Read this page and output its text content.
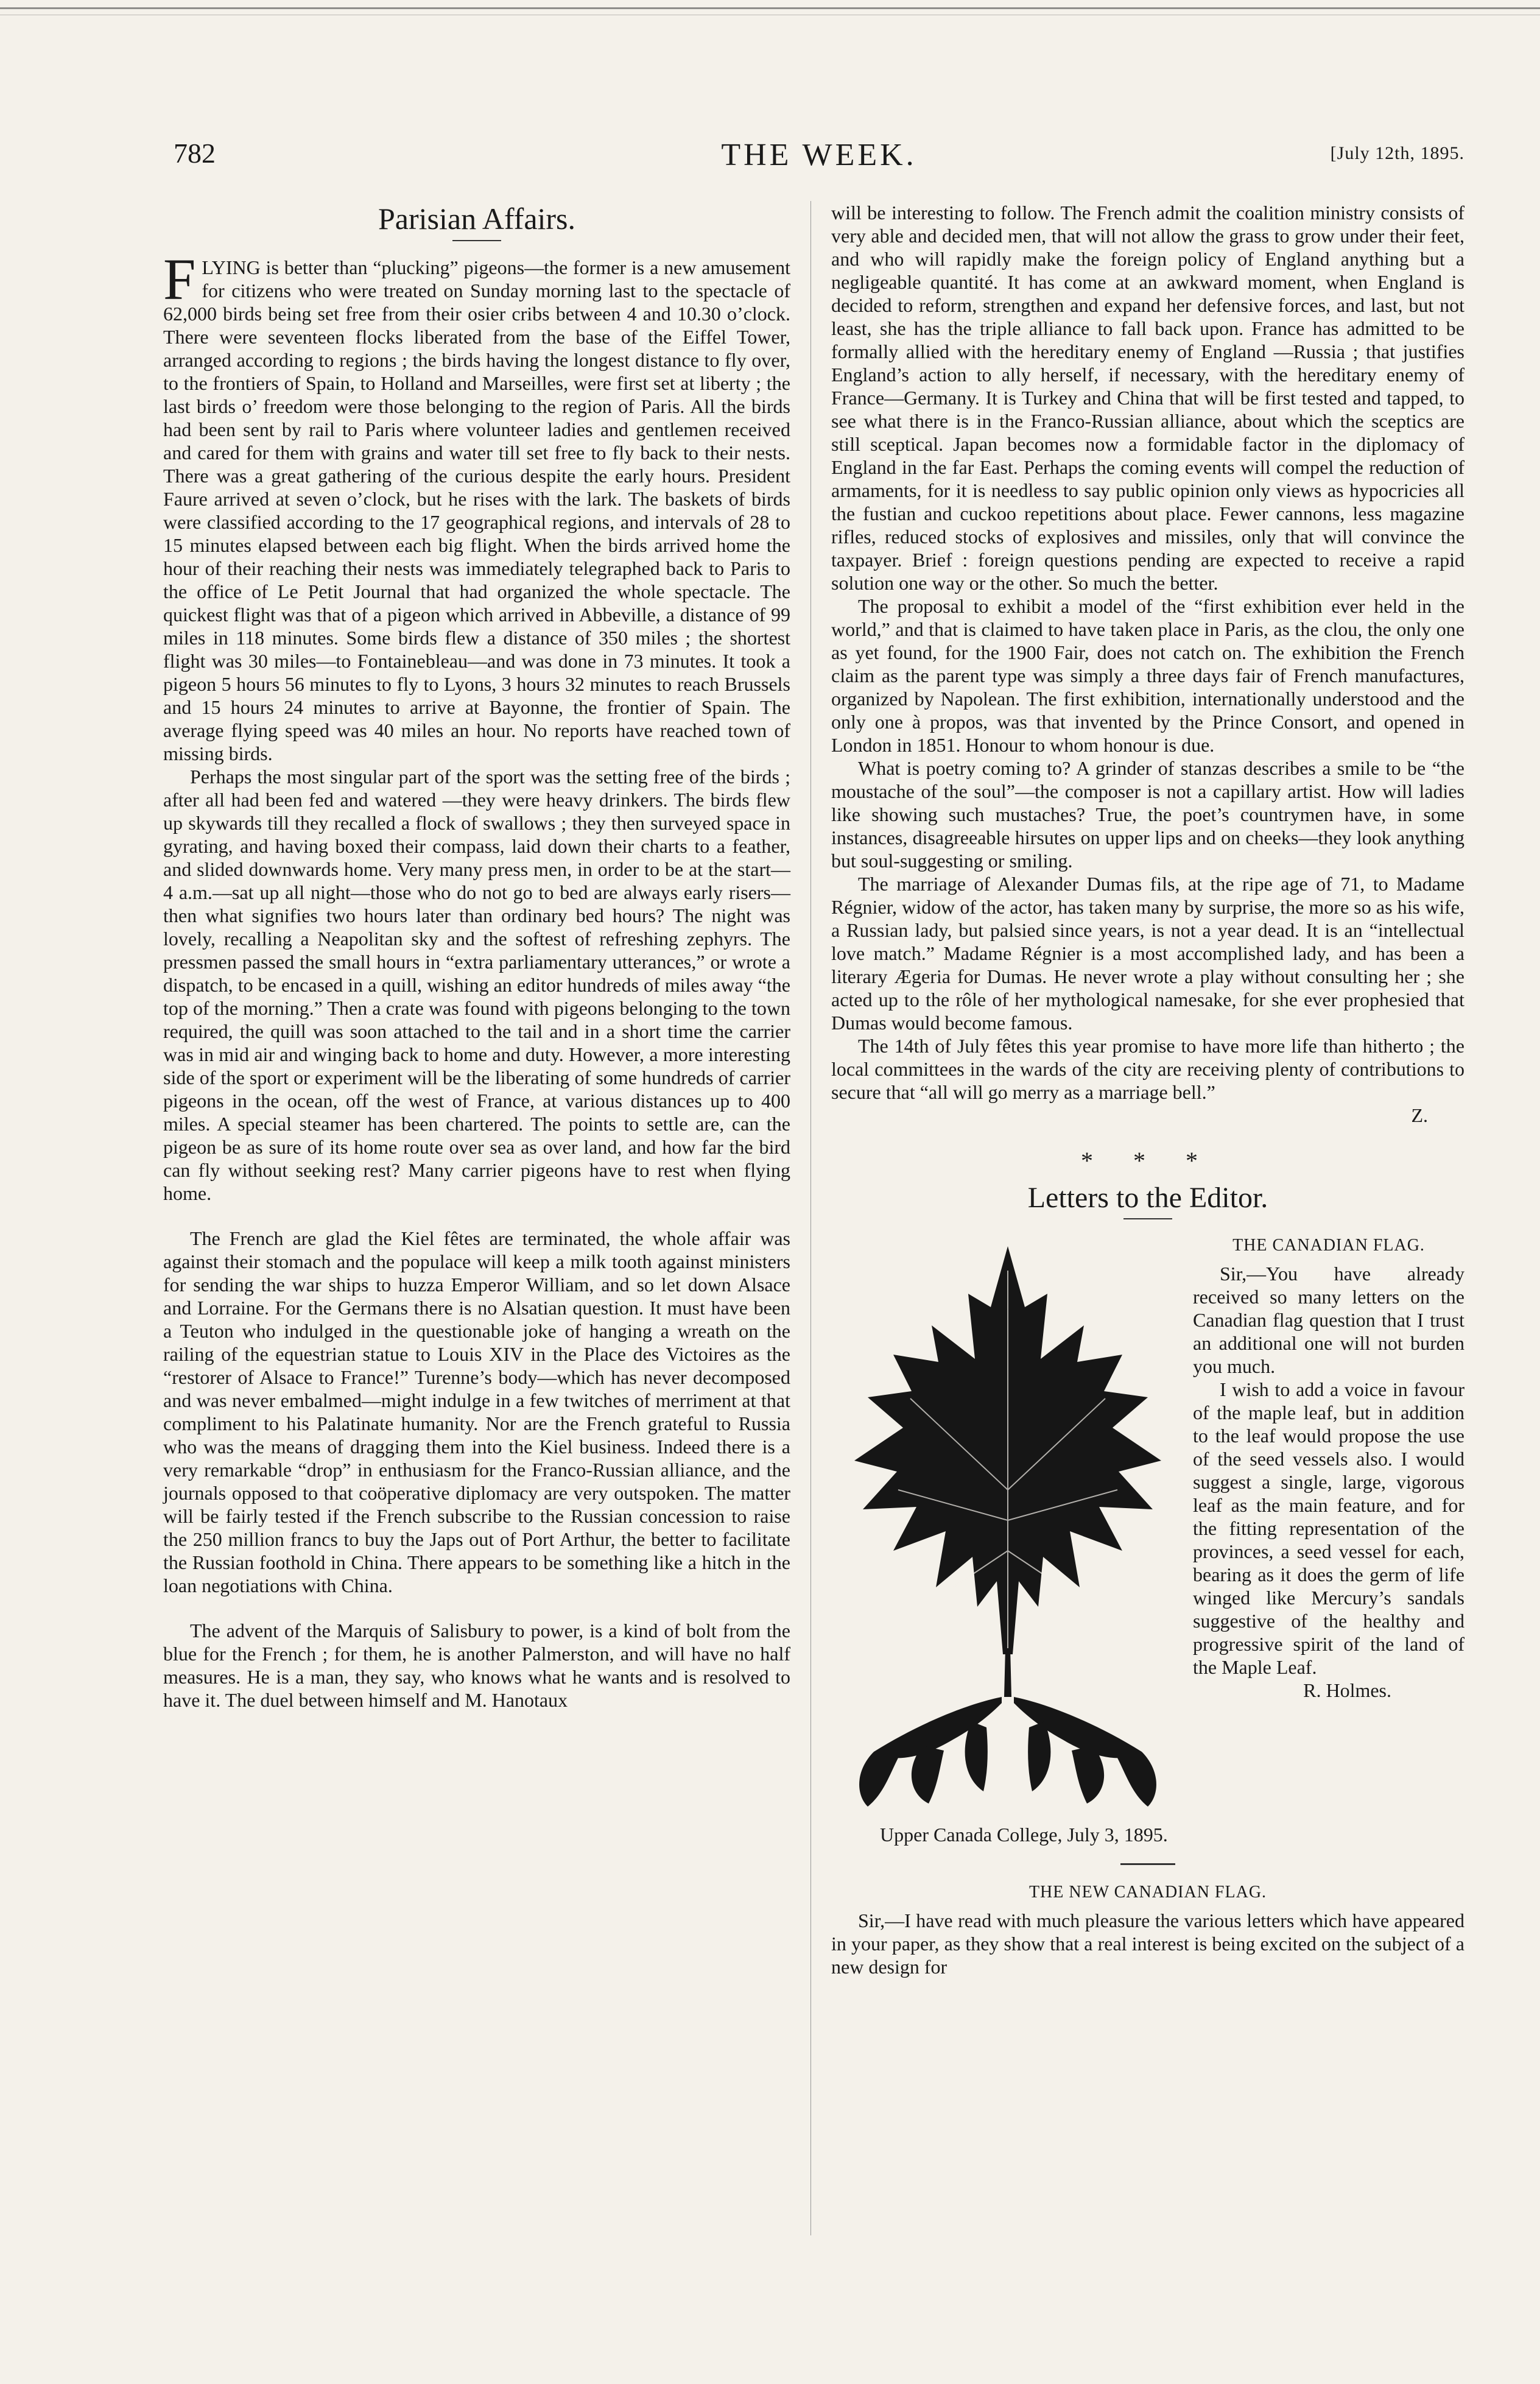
782	THE WEEK.	[July 12th, 1895.
Parisian Affairs.

FLYING is better than “plucking” pigeons—the former is a new amusement for citizens who were treated on Sunday morning last to the spectacle of 62,000 birds being set free from their osier cribs between 4 and 10.30 o’clock. There were seventeen flocks liberated from the base of the Eiffel Tower, arranged according to regions ; the birds having the longest distance to fly over, to the frontiers of Spain, to Holland and Marseilles, were first set at liberty ; the last birds o’ freedom were those belonging to the region of Paris. All the birds had been sent by rail to Paris where volunteer ladies and gentlemen received and cared for them with grains and water till set free to fly back to their nests. There was a great gathering of the curious despite the early hours. President Faure arrived at seven o’clock, but he rises with the lark. The baskets of birds were classified according to the 17 geographical regions, and intervals of 28 to 15 minutes elapsed between each big flight. When the birds arrived home the hour of their reaching their nests was immediately telegraphed back to Paris to the office of Le Petit Journal that had organized the whole spectacle. The quickest flight was that of a pigeon which arrived in Abbeville, a distance of 99 miles in 118 minutes. Some birds flew a distance of 350 miles ; the shortest flight was 30 miles—to Fontainebleau—and was done in 73 minutes. It took a pigeon 5 hours 56 minutes to fly to Lyons, 3 hours 32 minutes to reach Brussels and 15 hours 24 minutes to arrive at Bayonne, the frontier of Spain. The average flying speed was 40 miles an hour. No reports have reached town of missing birds.

Perhaps the most singular part of the sport was the setting free of the birds ; after all had been fed and watered —they were heavy drinkers. The birds flew up skywards till they recalled a flock of swallows ; they then surveyed space in gyrating, and having boxed their compass, laid down their charts to a feather, and slided downwards home. Very many press men, in order to be at the start—4 a.m.—sat up all night—those who do not go to bed are always early risers—then what signifies two hours later than ordinary bed hours? The night was lovely, recalling a Neapolitan sky and the softest of refreshing zephyrs. The pressmen passed the small hours in “extra parliamentary utterances,” or wrote a dispatch, to be encased in a quill, wishing an editor hundreds of miles away “the top of the morning.” Then a crate was found with pigeons belonging to the town required, the quill was soon attached to the tail and in a short time the carrier was in mid air and winging back to home and duty. However, a more interesting side of the sport or experiment will be the liberating of some hundreds of carrier pigeons in the ocean, off the west of France, at various distances up to 400 miles. A special steamer has been chartered. The points to settle are, can the pigeon be as sure of its home route over sea as over land, and how far the bird can fly without seeking rest? Many carrier pigeons have to rest when flying home.

The French are glad the Kiel fêtes are terminated, the whole affair was against their stomach and the populace will keep a milk tooth against ministers for sending the war ships to huzza Emperor William, and so let down Alsace and Lorraine. For the Germans there is no Alsatian question. It must have been a Teuton who indulged in the questionable joke of hanging a wreath on the railing of the equestrian statue to Louis XIV in the Place des Victoires as the “restorer of Alsace to France!” Turenne’s body—which has never decomposed and was never embalmed—might indulge in a few twitches of merriment at that compliment to his Palatinate humanity. Nor are the French grateful to Russia who was the means of dragging them into the Kiel business. Indeed there is a very remarkable “drop” in enthusiasm for the Franco-Russian alliance, and the journals opposed to that coöperative diplomacy are very outspoken. The matter will be fairly tested if the French subscribe to the Russian concession to raise the 250 million francs to buy the Japs out of Port Arthur, the better to facilitate the Russian foothold in China. There appears to be something like a hitch in the loan negotiations with China.

The advent of the Marquis of Salisbury to power, is a kind of bolt from the blue for the French ; for them, he is another Palmerston, and will have no half measures. He is a man, they say, who knows what he wants and is resolved to have it. The duel between himself and M. Hanotaux

will be interesting to follow. The French admit the coalition ministry consists of very able and decided men, that will not allow the grass to grow under their feet, and who will rapidly make the foreign policy of England anything but a negligeable quantité. It has come at an awkward moment, when England is decided to reform, strengthen and expand her defensive forces, and last, but not least, she has the triple alliance to fall back upon. France has admitted to be formally allied with the hereditary enemy of England —Russia ; that justifies England’s action to ally herself, if necessary, with the hereditary enemy of France—Germany. It is Turkey and China that will be first tested and tapped, to see what there is in the Franco-Russian alliance, about which the sceptics are still sceptical. Japan becomes now a formidable factor in the diplomacy of England in the far East. Perhaps the coming events will compel the reduction of armaments, for it is needless to say public opinion only views as hypocricies all the fustian and cuckoo repetitions about place. Fewer cannons, less magazine rifles, reduced stocks of explosives and missiles, only that will convince the taxpayer. Brief : foreign questions pending are expected to receive a rapid solution one way or the other. So much the better.

The proposal to exhibit a model of the “first exhibition ever held in the world,” and that is claimed to have taken place in Paris, as the clou, the only one as yet found, for the 1900 Fair, does not catch on. The exhibition the French claim as the parent type was simply a three days fair of French manufactures, organized by Napolean. The first exhibition, internationally understood and the only one à propos, was that invented by the Prince Consort, and opened in London in 1851. Honour to whom honour is due.

What is poetry coming to? A grinder of stanzas describes a smile to be “the moustache of the soul”—the composer is not a capillary artist. How will ladies like showing such mustaches? True, the poet’s countrymen have, in some instances, disagreeable hirsutes on upper lips and on cheeks—they look anything but soul-suggesting or smiling.

The marriage of Alexander Dumas fils, at the ripe age of 71, to Madame Régnier, widow of the actor, has taken many by surprise, the more so as his wife, a Russian lady, but palsied since years, is not a year dead. It is an “intellectual love match.” Madame Régnier is a most accomplished lady, and has been a literary Ægeria for Dumas. He never wrote a play without consulting her ; she acted up to the rôle of her mythological namesake, for she ever prophesied that Dumas would become famous.

The 14th of July fêtes this year promise to have more life than hitherto ; the local committees in the wards of the city are receiving plenty of contributions to secure that “all will go merry as a marriage bell.”

Z.
* * *
Letters to the Editor.
THE CANADIAN FLAG.

Sir,—You have already received so many letters on the Canadian flag question that I trust an additional one will not burden you much.

I wish to add a voice in favour of the maple leaf, but in addition to the leaf would propose the use of the seed vessels also. I would suggest a single, large, vigorous leaf as the main feature, and for the fitting representation of the provinces, a seed vessel for each, bearing as it does the germ of life winged like Mercury’s sandals suggestive of the healthy and progressive spirit of the land of the Maple Leaf.

R. Holmes.
Upper Canada College, July 3, 1895.
THE NEW CANADIAN FLAG.

Sir,—I have read with much pleasure the various letters which have appeared in your paper, as they show that a real interest is being excited on the subject of a new design for
